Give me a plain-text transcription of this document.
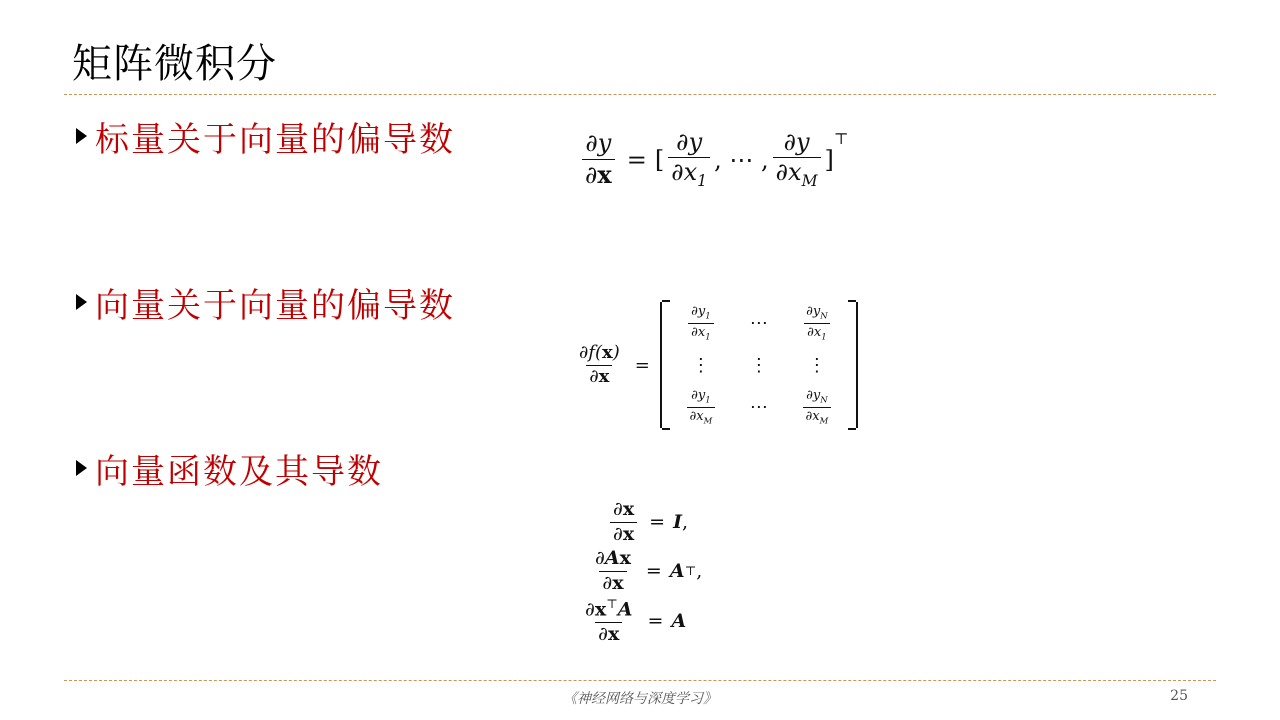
矩阵微积分
标量关于向量的偏导数	$\frac{\partial y}{\partial x}$ = [ $\frac{\partial y}{\partial x_1}$ , ⋯ , $\frac{\partial y}{\partial x_M}$ ]
⊤
向量关于向量的偏导数
$\frac{\partial f(x)}{\partial x}$ =
$\frac{\partial y_1}{\partial x_1}$ ⋯	$\frac{\partial y_N}{\partial x_1}$
⋮ ⋮ ⋮
$\frac{\partial y_1}{\partial x_M}$ ⋯	$\frac{\partial y_N}{\partial x_M}$
向量函数及其导数
$\frac{\partial x}{\partial x} = I$ ,
$\frac{\partial Ax}{\partial x} = A$ ⊤ ,
$\frac{\partial x^⊤A}{\partial x} = A$
《神经网络与深度学习》	25
